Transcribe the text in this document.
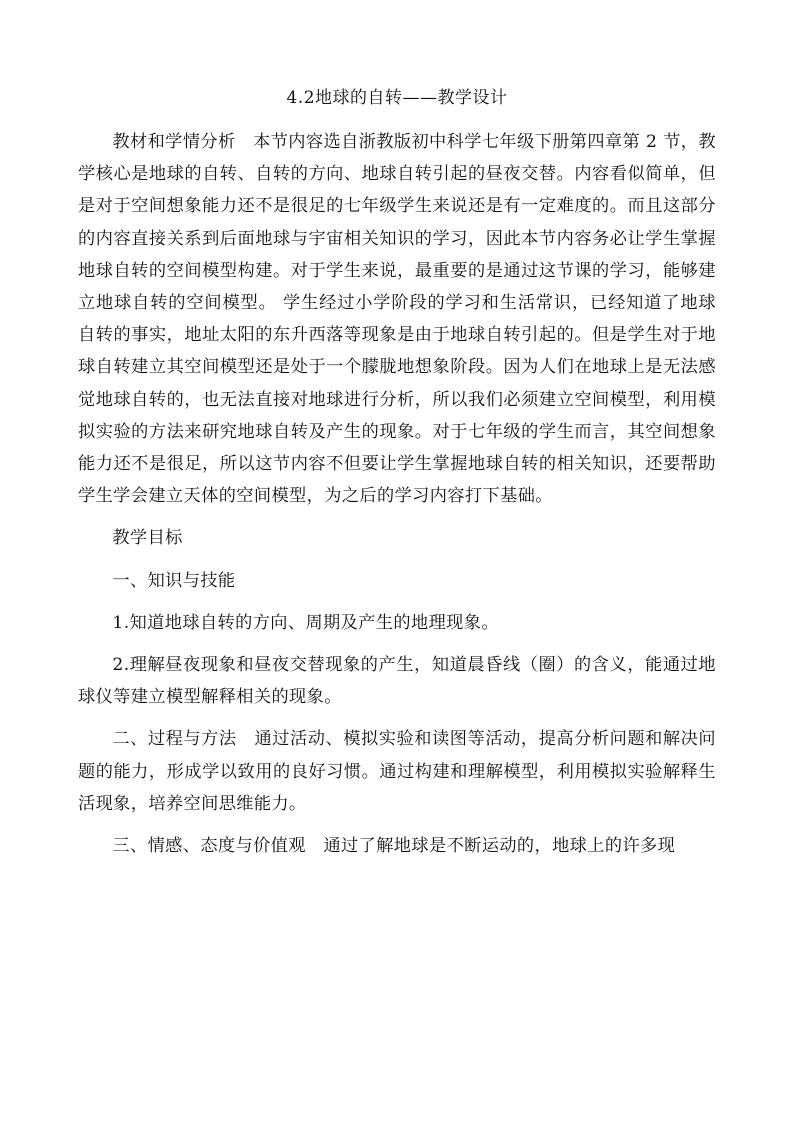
4.2地球的自转——教学设计

教材和学情分析  本节内容选自浙教版初中科学七年级下册第四章第 2 节，教学核心是地球的自转、自转的方向、地球自转引起的昼夜交替。内容看似简单，但是对于空间想象能力还不是很足的七年级学生来说还是有一定难度的。而且这部分的内容直接关系到后面地球与宇宙相关知识的学习，因此本节内容务必让学生掌握地球自转的空间模型构建。对于学生来说，最重要的是通过这节课的学习，能够建立地球自转的空间模型。 学生经过小学阶段的学习和生活常识，已经知道了地球自转的事实，地址太阳的东升西落等现象是由于地球自转引起的。但是学生对于地球自转建立其空间模型还是处于一个朦胧地想象阶段。因为人们在地球上是无法感觉地球自转的，也无法直接对地球进行分析，所以我们必须建立空间模型，利用模拟实验的方法来研究地球自转及产生的现象。对于七年级的学生而言，其空间想象能力还不是很足，所以这节内容不但要让学生掌握地球自转的相关知识，还要帮助学生学会建立天体的空间模型，为之后的学习内容打下基础。

教学目标

一、知识与技能

1.知道地球自转的方向、周期及产生的地理现象。

2.理解昼夜现象和昼夜交替现象的产生，知道晨昏线（圈）的含义，能通过地球仪等建立模型解释相关的现象。

二、过程与方法  通过活动、模拟实验和读图等活动，提高分析问题和解决问题的能力，形成学以致用的良好习惯。通过构建和理解模型，利用模拟实验解释生活现象，培养空间思维能力。

三、情感、态度与价值观  通过了解地球是不断运动的，地球上的许多现
